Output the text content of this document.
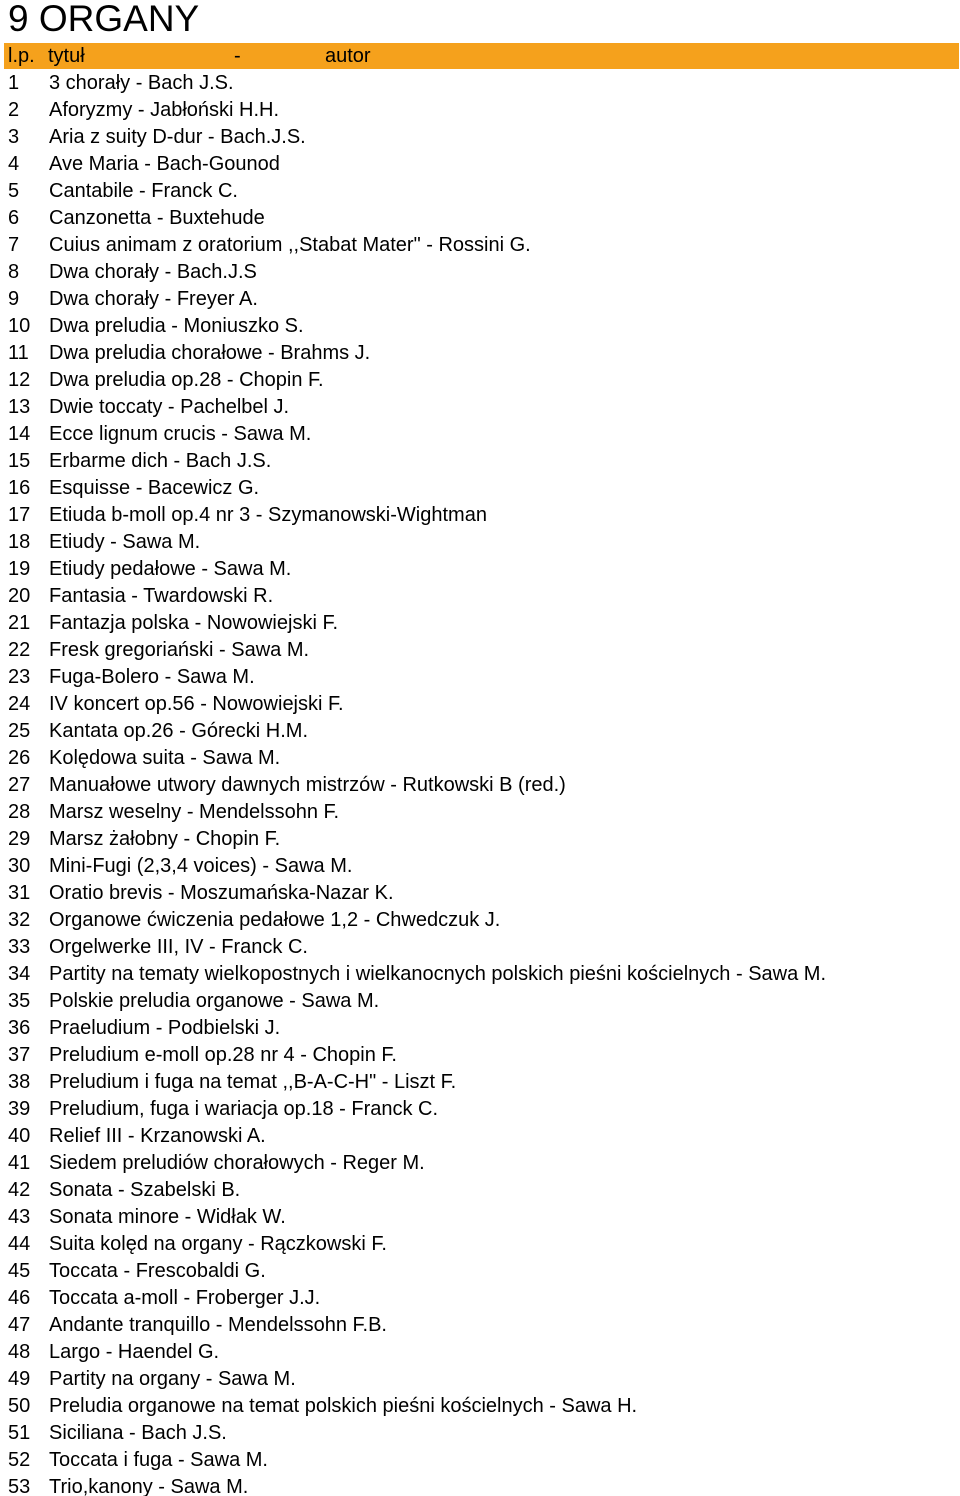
9 ORGANY
l.p. tytuł	-	autor
1 3 chorały - Bach J.S.
2 Aforyzmy - Jabłoński H.H.
3 Aria z suity D-dur - Bach.J.S.
4 Ave Maria - Bach-Gounod
5 Cantabile - Franck C.
6 Canzonetta - Buxtehude
7 Cuius animam z oratorium ,,Stabat Mater" - Rossini G.
8 Dwa chorały - Bach.J.S
9 Dwa chorały - Freyer A.
10 Dwa preludia - Moniuszko S.
11 Dwa preludia chorałowe - Brahms J.
12 Dwa preludia op.28 - Chopin F.
13 Dwie toccaty - Pachelbel J.
14 Ecce lignum crucis - Sawa M.
15 Erbarme dich - Bach J.S.
16 Esquisse - Bacewicz G.
17 Etiuda b-moll op.4 nr 3 - Szymanowski-Wightman
18 Etiudy - Sawa M.
19 Etiudy pedałowe - Sawa M.
20 Fantasia - Twardowski R.
21 Fantazja polska - Nowowiejski F.
22 Fresk gregoriański - Sawa M.
23 Fuga-Bolero - Sawa M.
24 IV koncert op.56 - Nowowiejski F.
25 Kantata op.26 - Górecki H.M.
26 Kolędowa suita - Sawa M.
27 Manuałowe utwory dawnych mistrzów - Rutkowski B (red.)
28 Marsz weselny - Mendelssohn F.
29 Marsz żałobny - Chopin F.
30 Mini-Fugi (2,3,4 voices) - Sawa M.
31 Oratio brevis - Moszumańska-Nazar K.
32 Organowe ćwiczenia pedałowe 1,2 - Chwedczuk J.
33 Orgelwerke III, IV - Franck C.
34 Partity na tematy wielkopostnych i wielkanocnych polskich pieśni kościelnych - Sawa M.
35 Polskie preludia organowe - Sawa M.
36 Praeludium - Podbielski J.
37 Preludium e-moll op.28 nr 4 - Chopin F.
38 Preludium i fuga na temat ,,B-A-C-H" - Liszt F.
39 Preludium, fuga i wariacja op.18 - Franck C.
40 Relief III - Krzanowski A.
41 Siedem preludiów chorałowych - Reger M.
42 Sonata - Szabelski B.
43 Sonata minore - Widłak W.
44 Suita kolęd na organy - Rączkowski F.
45 Toccata - Frescobaldi G.
46 Toccata a-moll - Froberger J.J.
47 Andante tranquillo - Mendelssohn F.B.
48 Largo - Haendel G.
49 Partity na organy - Sawa M.
50 Preludia organowe na temat polskich pieśni kościelnych - Sawa H.
51 Siciliana - Bach J.S.
52 Toccata i fuga - Sawa M.
53 Trio,kanony - Sawa M.
